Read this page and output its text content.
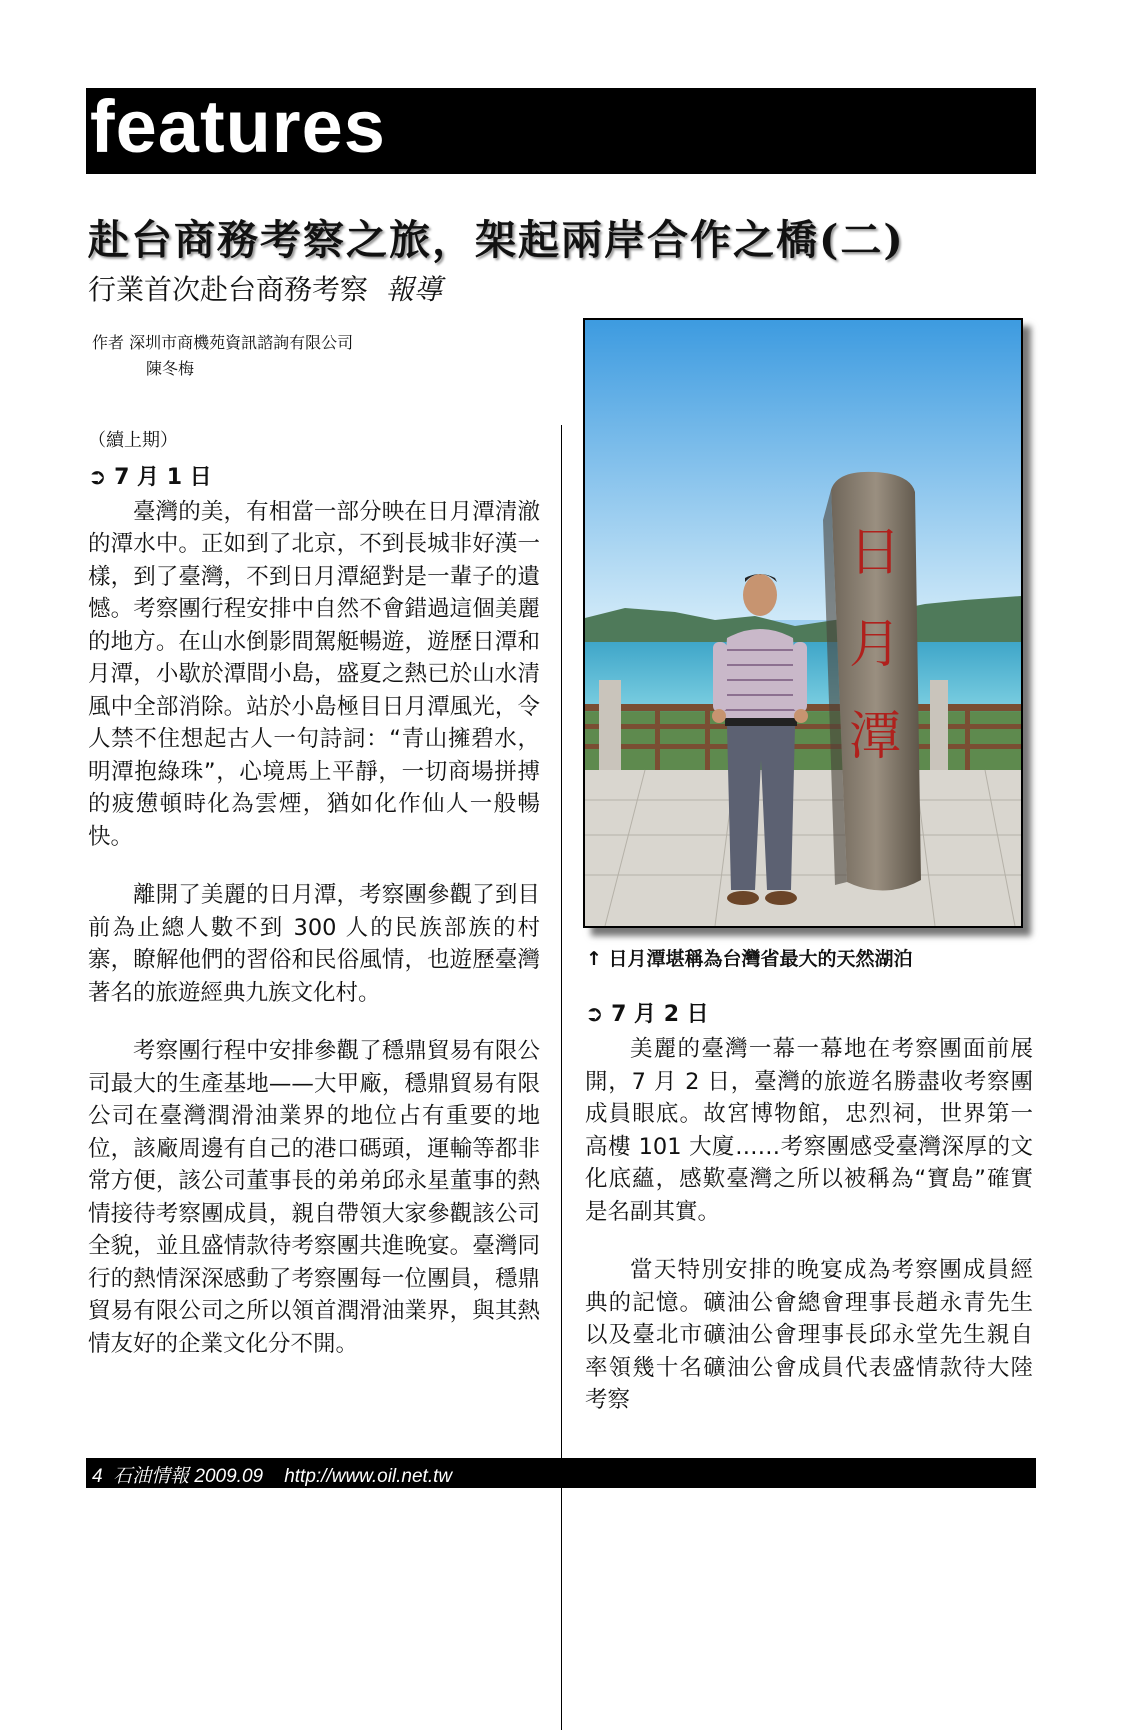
features
赴台商務考察之旅，架起兩岸合作之橋(二)
行業首次赴台商務考察 報導
作者 深圳市商機苑資訊諮詢有限公司
陳冬梅
（續上期）
➲ 7 月 1 日

臺灣的美，有相當一部分映在日月潭清澈的潭水中。正如到了北京，不到長城非好漢一樣，到了臺灣，不到日月潭絕對是一輩子的遺憾。考察團行程安排中自然不會錯過這個美麗的地方。在山水倒影間駕艇暢遊，遊歷日潭和月潭，小歇於潭間小島，盛夏之熱已於山水清風中全部消除。站於小島極目日月潭風光，令人禁不住想起古人一句詩詞：“青山擁碧水，明潭抱綠珠”，心境馬上平靜，一切商場拼搏的疲憊頓時化為雲煙，猶如化作仙人一般暢快。

離開了美麗的日月潭，考察團參觀了到目前為止總人數不到 300 人的民族部族的村寨，瞭解他們的習俗和民俗風情，也遊歷臺灣著名的旅遊經典九族文化村。

考察團行程中安排參觀了穩鼎貿易有限公司最大的生產基地——大甲廠，穩鼎貿易有限公司在臺灣潤滑油業界的地位占有重要的地位，該廠周邊有自己的港口碼頭，運輸等都非常方便，該公司董事長的弟弟邱永星董事的熱情接待考察團成員，親自帶領大家參觀該公司全貌，並且盛情款待考察團共進晚宴。臺灣同行的熱情深深感動了考察團每一位團員，穩鼎貿易有限公司之所以領首潤滑油業界，與其熱情友好的企業文化分不開。

日月潭
↑ 日月潭堪稱為台灣省最大的天然湖泊
➲ 7 月 2 日

美麗的臺灣一幕一幕地在考察團面前展開，7 月 2 日，臺灣的旅遊名勝盡收考察團成員眼底。故宮博物館，忠烈祠，世界第一高樓 101 大廈……考察團感受臺灣深厚的文化底蘊，感歎臺灣之所以被稱為“寶島”確實是名副其實。

當天特別安排的晚宴成為考察團成員經典的記憶。礦油公會總會理事長趙永青先生以及臺北市礦油公會理事長邱永堂先生親自率領幾十名礦油公會成員代表盛情款待大陸考察

4  石油情報 2009.09    http://www.oil.net.tw
